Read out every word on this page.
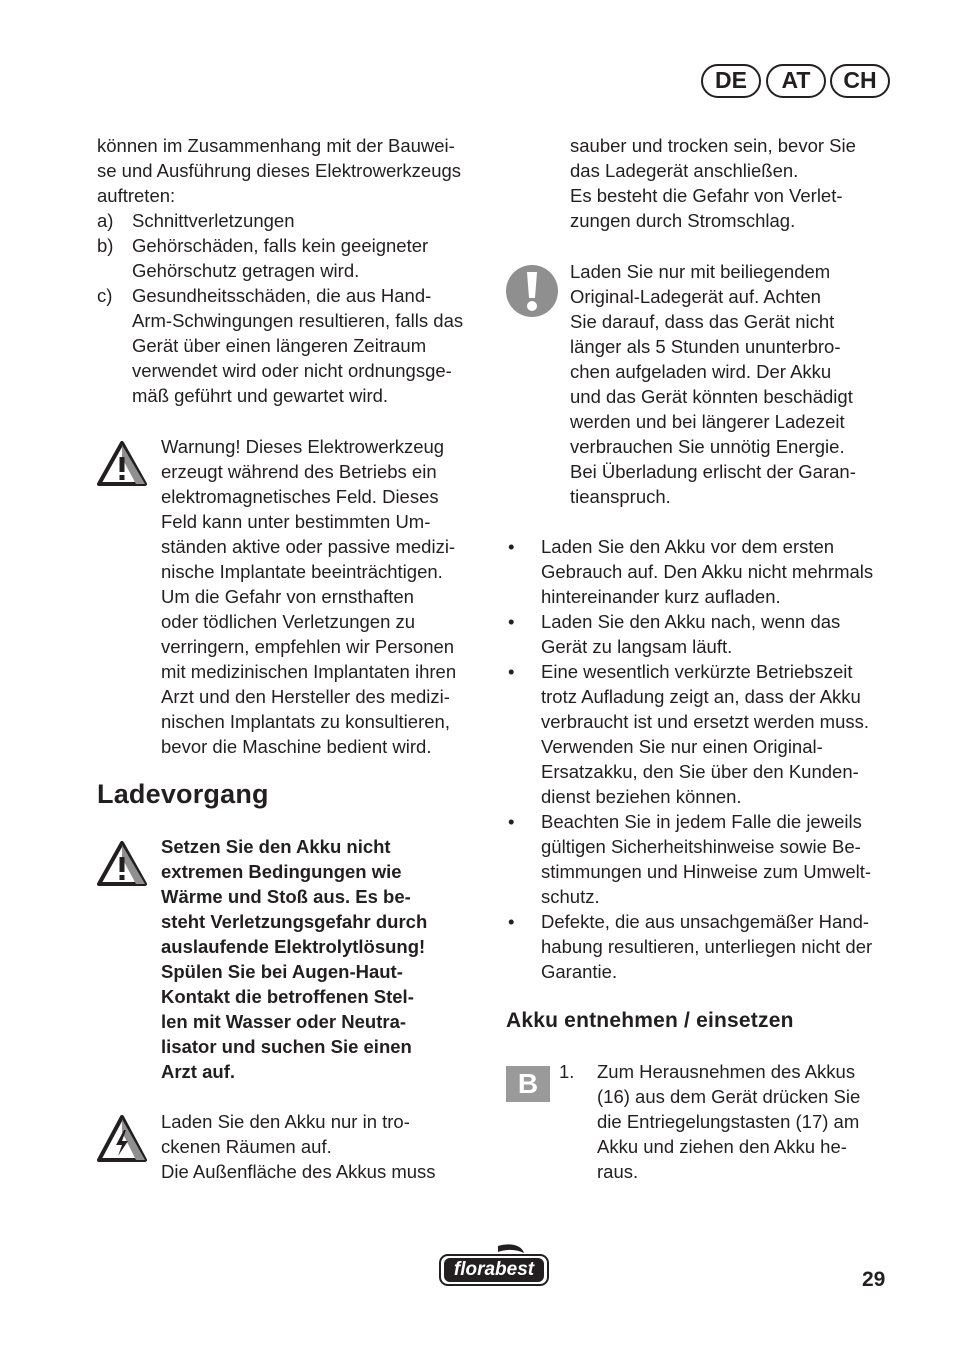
DE	AT	CH
können im Zusammenhang mit der Bauwei-
se und Ausführung dieses Elektrowerkzeugs
auftreten:
a) Schnittverletzungen
b) Gehörschäden, falls kein geeigneter
Gehörschutz getragen wird.
c) Gesundheitsschäden, die aus Hand-
Arm-Schwingungen resultieren, falls das
Gerät über einen längeren Zeitraum
verwendet wird oder nicht ordnungsge-
mäß geführt und gewartet wird.
Warnung! Dieses Elektrowerkzeug
erzeugt während des Betriebs ein
elektromagnetisches Feld. Dieses
Feld kann unter bestimmten Um-
ständen aktive oder passive medizi-
nische Implantate beeinträchtigen.
Um die Gefahr von ernsthaften
oder tödlichen Verletzungen zu
verringern, empfehlen wir Personen
mit medizinischen Implantaten ihren
Arzt und den Hersteller des medizi-
nischen Implantats zu konsultieren,
bevor die Maschine bedient wird.
Ladevorgang
Setzen Sie den Akku nicht
extremen Bedingungen wie
Wärme und Stoß aus. Es be-
steht Verletzungsgefahr durch
auslaufende Elektrolytlösung!
Spülen Sie bei Augen-Haut-
Kontakt die betroffenen Stel-
len mit Wasser oder Neutra-
lisator und suchen Sie einen
Arzt auf.
Laden Sie den Akku nur in tro-
ckenen Räumen auf.
Die Außenfläche des Akkus muss
sauber und trocken sein, bevor Sie
das Ladegerät anschließen.
Es besteht die Gefahr von Verlet-
zungen durch Stromschlag.
Laden Sie nur mit beiliegendem
Original-Ladegerät auf. Achten
Sie darauf, dass das Gerät nicht
länger als 5 Stunden ununterbro-
chen aufgeladen wird. Der Akku
und das Gerät könnten beschädigt
werden und bei längerer Ladezeit
verbrauchen Sie unnötig Energie.
Bei Überladung erlischt der Garan-
tieanspruch.
• Laden Sie den Akku vor dem ersten
Gebrauch auf. Den Akku nicht mehrmals
hintereinander kurz aufladen.
• Laden Sie den Akku nach, wenn das
Gerät zu langsam läuft.
• Eine wesentlich verkürzte Betriebszeit
trotz Aufladung zeigt an, dass der Akku
verbraucht ist und ersetzt werden muss.
Verwenden Sie nur einen Original-
Ersatzakku, den Sie über den Kunden-
dienst beziehen können.
• Beachten Sie in jedem Falle die jeweils
gültigen Sicherheitshinweise sowie Be-
stimmungen und Hinweise zum Umwelt-
schutz.
• Defekte, die aus unsachgemäßer Hand-
habung resultieren, unterliegen nicht der
Garantie.
Akku entnehmen / einsetzen
B	1. Zum Herausnehmen des Akkus
(16) aus dem Gerät drücken Sie
die Entriegelungstasten (17) am
Akku und ziehen den Akku he-
raus.
florabest	29
